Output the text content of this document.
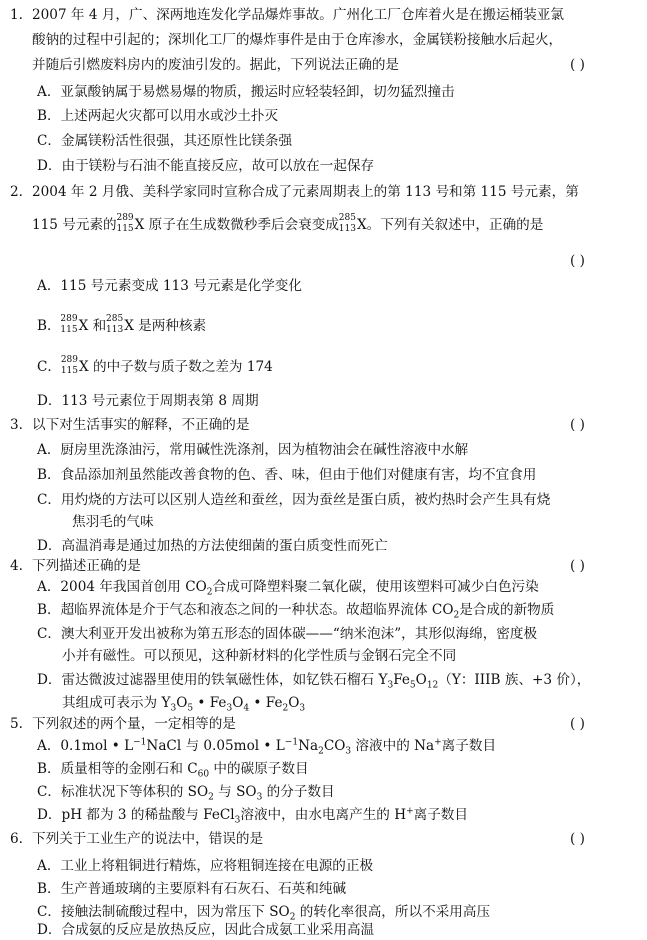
1. 2007 年 4 月，广、深两地连发化学品爆炸事故。广州化工厂仓库着火是在搬运桶装亚氯
酸钠的过程中引起的；深圳化工厂的爆炸事件是由于仓库渗水，金属镁粉接触水后起火，
并随后引燃废料房内的废油引发的。据此，下列说法正确的是	( )
A．亚氯酸钠属于易燃易爆的物质，搬运时应轻装轻卸，切勿猛烈撞击
B．上述两起火灾都可以用水或沙土扑灭
C．金属镁粉活性很强，其还原性比镁条强
D．由于镁粉与石油不能直接反应，故可以放在一起保存
2. 2004 年 2 月俄、美科学家同时宣称合成了元素周期表上的第 113 号和第 115 号元素，第
115 号元素的 289
115 X 原子在生成数微秒季后会衰变成 285
113 X。下列有关叙述中，正确的是
( )
A．115 号元素变成 113 号元素是化学变化
B． 289
115 X 和 285
113 X 是两种核素
C． 289
115 X 的中子数与质子数之差为 174
D．113 号元素位于周期表第 8 周期
3. 以下对生活事实的解释，不正确的是	( )
A．厨房里洗涤油污，常用碱性洗涤剂，因为植物油会在碱性溶液中水解
B．食品添加剂虽然能改善食物的色、香、味，但由于他们对健康有害，均不宜食用
C．用灼烧的方法可以区别人造丝和蚕丝，因为蚕丝是蛋白质，被灼热时会产生具有烧
焦羽毛的气味
D．高温消毒是通过加热的方法使细菌的蛋白质变性而死亡
4. 下列描述正确的是	( )
A．2004 年我国首创用 $CO_2$合成可降塑料聚二氧化碳，使用该塑料可减少白色污染
B．超临界流体是介于气态和液态之间的一种状态。故超临界流体 $CO_2$是合成的新物质
C．澳大利亚开发出被称为第五形态的固体碳——“纳米泡沫”，其形似海绵，密度极
小并有磁性。可以预见，这种新材料的化学性质与金钢石完全不同
D．雷达微波过滤器里使用的铁氧磁性体，如钇铁石榴石 $Y_3Fe_5O_{12}(Y$：IIIB 族、+3 价），
其组成可表示为 $Y_3O_5$ • $Fe_3O_4$ • $Fe_2O_3$
5. 下列叙述的两个量，一定相等的是	( )
A．0.1mol • $L^{-1}NaCl$ 与 0.05mol • $L^{-1}Na_2CO_3$ 溶液中的 Na+离子数目
B．质量相等的金刚石和 $C_{60}$ 中的碳原子数目
C．标准状况下等体积的 $SO_2$ 与 $SO_3$ 的分子数目
D．pH 都为 3 的稀盐酸与 FeCl$_3$溶液中，由水电离产生的 H+离子数目
6. 下列关于工业生产的说法中，错误的是	( )
A．工业上将粗铜进行精炼，应将粗铜连接在电源的正极
B．生产普通玻璃的主要原料有石灰石、石英和纯碱
C．接触法制硫酸过程中，因为常压下 $SO_2$ 的转化率很高，所以不采用高压
D．合成氨的反应是放热反应，因此合成氨工业采用高温
